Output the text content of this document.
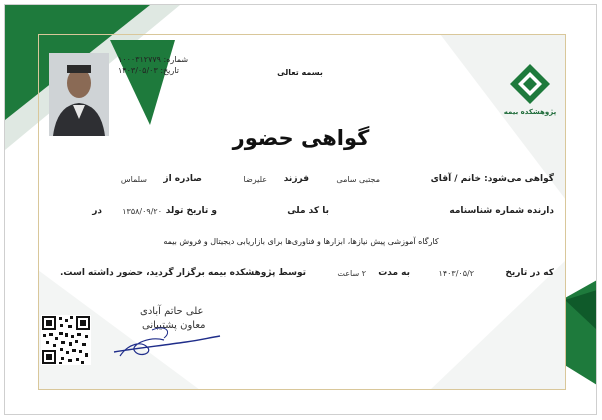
شماره: ۱۰۰۰۳۱۲۷۷۹
تاریخ: ۱۴۰۳/۰۵/۰۳	بسمه تعالی
پژوهشکده بیمه
گواهی حضور
گواهی می‌شود: خانم / آقای
مجتبی سامی
فرزند
علیرضا
صادره از
سلماس
دارنده شماره شناسنامه
با کد ملی
و تاریخ تولد
۱۳۵۸/۰۹/۲۰
در
کارگاه آموزشی پیش نیازها، ابزارها و فناوری‌ها برای بازاریابی دیجیتال و فروش بیمه
که در تاریخ
۱۴۰۳/۰۵/۲
به مدت
۲ ساعت
توسط پژوهشکده بیمه برگزار گردید، حضور داشته است.
علی حاتم آبادی
معاون پشتیبانی
